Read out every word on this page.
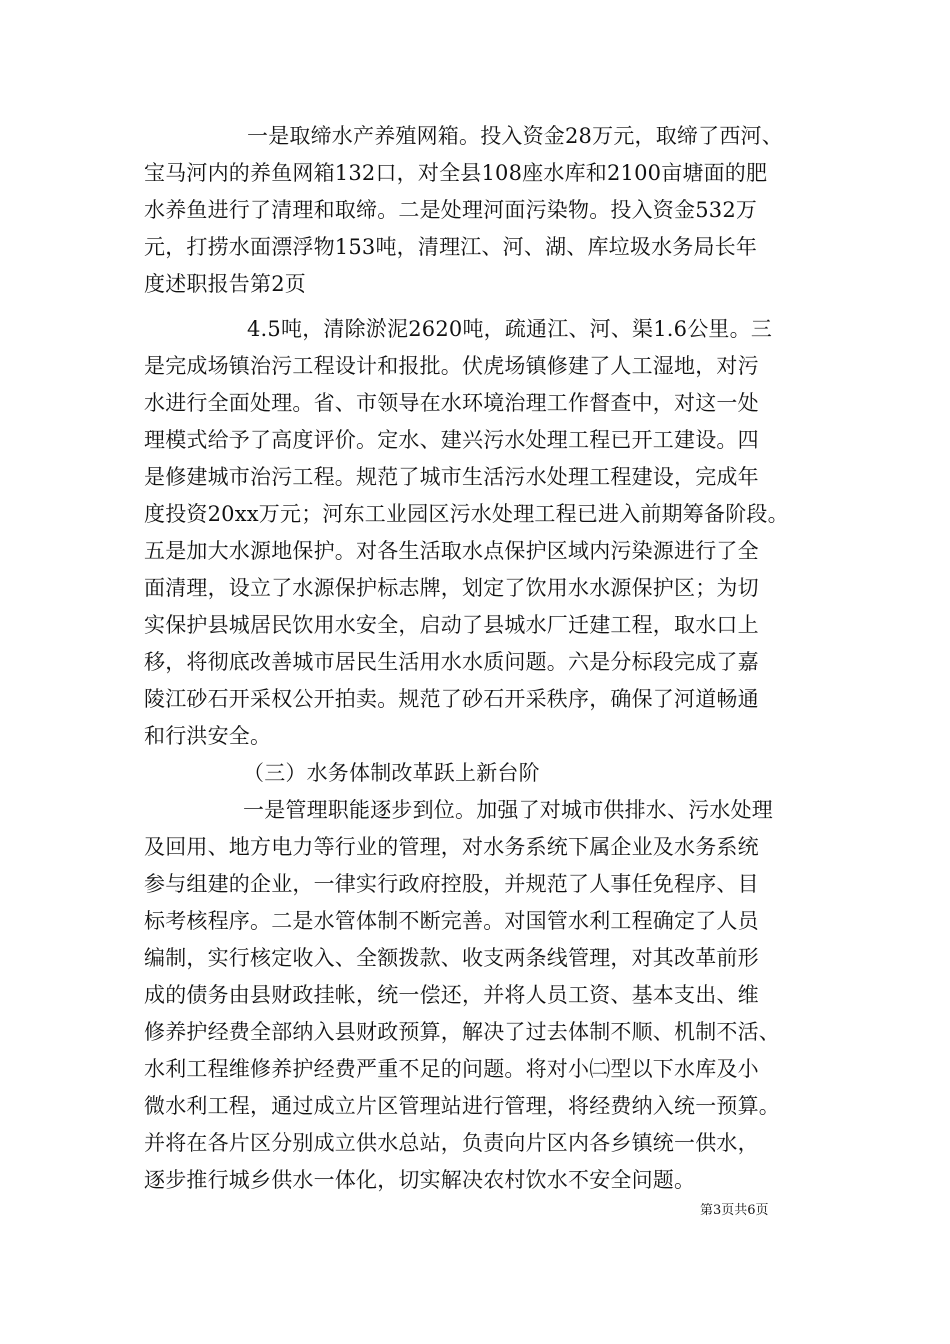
一是取缔水产养殖网箱。投入资金28万元，取缔了西河、
宝马河内的养鱼网箱132口，对全县108座水库和2100亩塘面的肥
水养鱼进行了清理和取缔。二是处理河面污染物。投入资金532万
元，打捞水面漂浮物153吨，清理江、河、湖、库垃圾水务局长年
度述职报告第2页
4.5吨，清除淤泥2620吨，疏通江、河、渠1.6公里。三
是完成场镇治污工程设计和报批。伏虎场镇修建了人工湿地，对污
水进行全面处理。省、市领导在水环境治理工作督查中，对这一处
理模式给予了高度评价。定水、建兴污水处理工程已开工建设。四
是修建城市治污工程。规范了城市生活污水处理工程建设，完成年
度投资20xx万元；河东工业园区污水处理工程已进入前期筹备阶段。
五是加大水源地保护。对各生活取水点保护区域内污染源进行了全
面清理，设立了水源保护标志牌，划定了饮用水水源保护区；为切
实保护县城居民饮用水安全，启动了县城水厂迁建工程，取水口上
移，将彻底改善城市居民生活用水水质问题。六是分标段完成了嘉
陵江砂石开采权公开拍卖。规范了砂石开采秩序，确保了河道畅通
和行洪安全。
（三）水务体制改革跃上新台阶
一是管理职能逐步到位。加强了对城市供排水、污水处理
及回用、地方电力等行业的管理，对水务系统下属企业及水务系统
参与组建的企业，一律实行政府控股，并规范了人事任免程序、目
标考核程序。二是水管体制不断完善。对国管水利工程确定了人员
编制，实行核定收入、全额拨款、收支两条线管理，对其改革前形
成的债务由县财政挂帐，统一偿还，并将人员工资、基本支出、维
修养护经费全部纳入县财政预算，解决了过去体制不顺、机制不活、
水利工程维修养护经费严重不足的问题。将对小㈡型以下水库及小
微水利工程，通过成立片区管理站进行管理，将经费纳入统一预算。
并将在各片区分别成立供水总站，负责向片区内各乡镇统一供水，
逐步推行城乡供水一体化，切实解决农村饮水不安全问题。
第3页共6页
